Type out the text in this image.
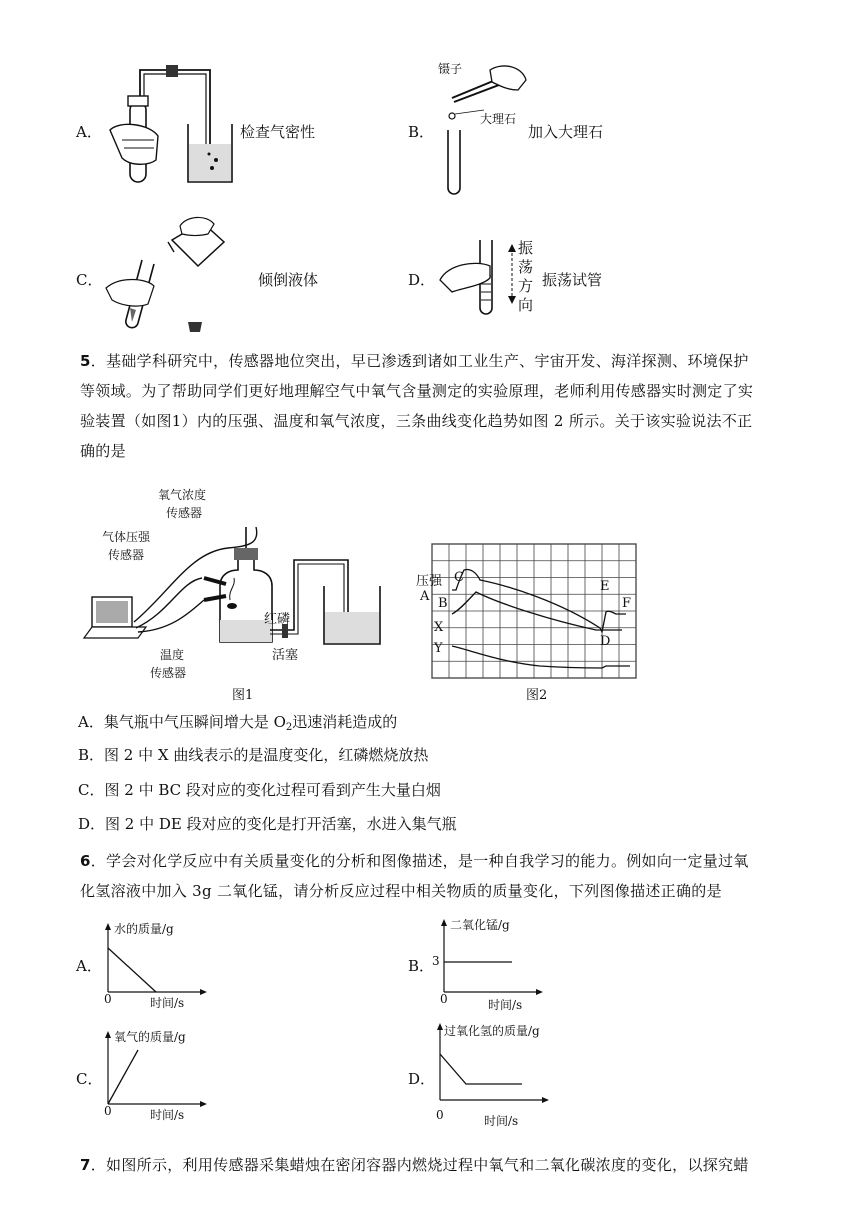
A．	检查气密性	B．
镊子
大理石
加入大理石
C．	倾倒液体	D．
振
荡
方
向
振荡试管
5．基础学科研究中，传感器地位突出，早已渗透到诸如工业生产、宇宙开发、海洋探测、环境保护
等领域。为了帮助同学们更好地理解空气中氧气含量测定的实验原理，老师利用传感器实时测定了实
验装置（如图1）内的压强、温度和氧气浓度，三条曲线变化趋势如图 2 所示。关于该实验说法不正
确的是
氧气浓度
传感器
气体压强
传感器
红磷
活塞
温度
传感器
图1
压强 C
A B
X
Y
E
F
D
图2
A．集气瓶中气压瞬间增大是 $O_2$迅速消耗造成的
B．图 2 中 X 曲线表示的是温度变化，红磷燃烧放热
C．图 2 中 BC 段对应的变化过程可看到产生大量白烟
D．图 2 中 DE 段对应的变化是打开活塞，水进入集气瓶
6．学会对化学反应中有关质量变化的分析和图像描述，是一种自我学习的能力。例如向一定量过氧
化氢溶液中加入 3g 二氧化锰，请分析反应过程中相关物质的质量变化，下列图像描述正确的是
A．
水的质量/g
0	时间/s
B．
二氧化锰/g
3
0	时间/s
C．
氧气的质量/g
0	时间/s
D．
过氧化氢的质量/g
0	时间/s
7．如图所示，利用传感器采集蜡烛在密闭容器内燃烧过程中氧气和二氧化碳浓度的变化，以探究蜡
